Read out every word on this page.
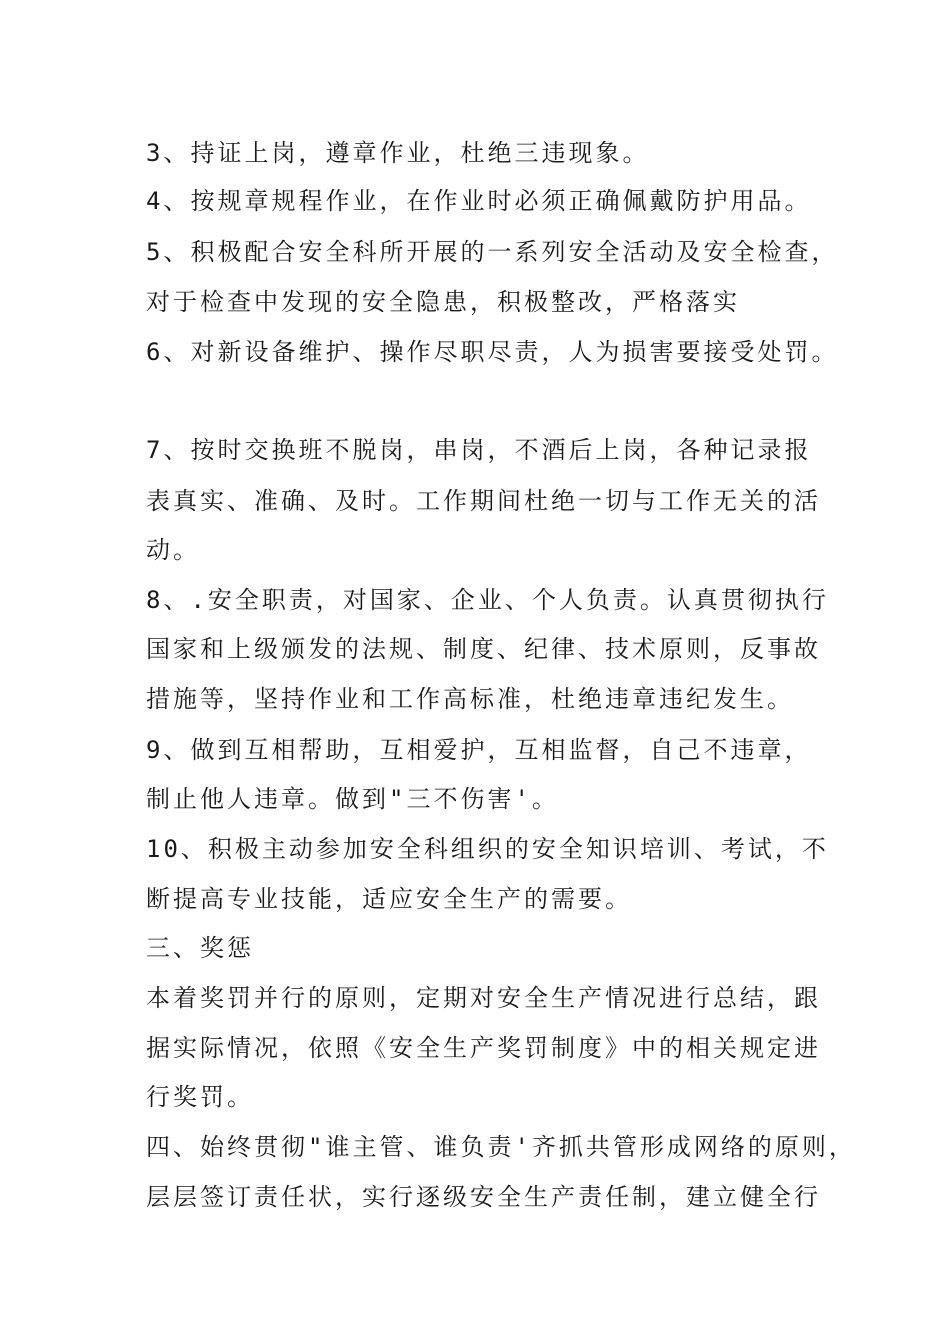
3、持证上岗，遵章作业，杜绝三违现象。
4、按规章规程作业，在作业时必须正确佩戴防护用品。
5、积极配合安全科所开展的一系列安全活动及安全检查，
对于检查中发现的安全隐患，积极整改，严格落实
6、对新设备维护、操作尽职尽责，人为损害要接受处罚。
7、按时交换班不脱岗，串岗，不酒后上岗，各种记录报
表真实、准确、及时。工作期间杜绝一切与工作无关的活
动。
8、.安全职责，对国家、企业、个人负责。认真贯彻执行
国家和上级颁发的法规、制度、纪律、技术原则，反事故
措施等，坚持作业和工作高标准，杜绝违章违纪发生。
9、做到互相帮助，互相爱护，互相监督，自己不违章，
制止他人违章。做到"三不伤害'。
10、积极主动参加安全科组织的安全知识培训、考试，不
断提高专业技能，适应安全生产的需要。
三、奖惩
本着奖罚并行的原则，定期对安全生产情况进行总结，跟
据实际情况，依照《安全生产奖罚制度》中的相关规定进
行奖罚。
四、始终贯彻"谁主管、谁负责'齐抓共管形成网络的原则，
层层签订责任状，实行逐级安全生产责任制，建立健全行
